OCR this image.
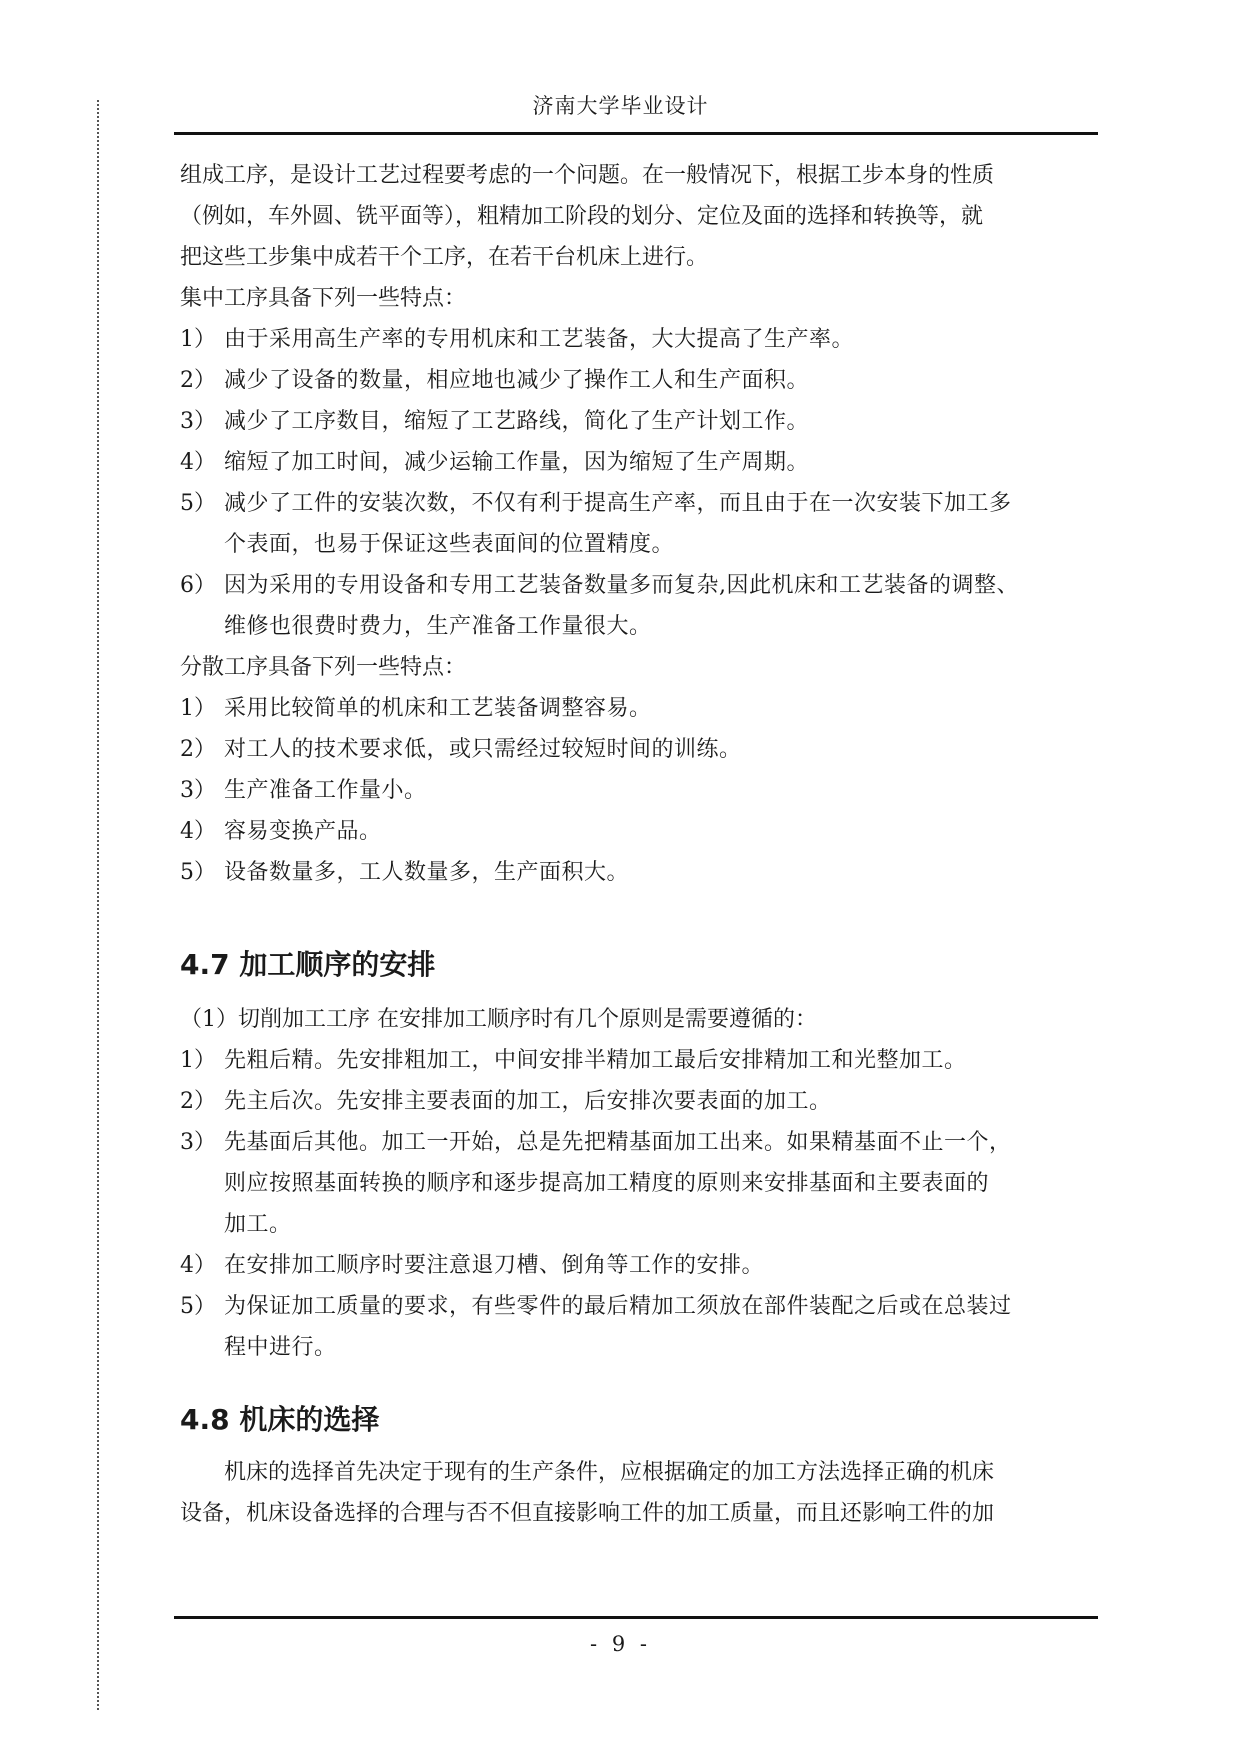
济南大学毕业设计
组成工序，是设计工艺过程要考虑的一个问题。在一般情况下，根据工步本身的性质
（例如，车外圆、铣平面等），粗精加工阶段的划分、定位及面的选择和转换等，就
把这些工步集中成若干个工序，在若干台机床上进行。
集中工序具备下列一些特点：
1） 由于采用高生产率的专用机床和工艺装备，大大提高了生产率。
2） 减少了设备的数量，相应地也减少了操作工人和生产面积。
3） 减少了工序数目，缩短了工艺路线，简化了生产计划工作。
4） 缩短了加工时间，减少运输工作量，因为缩短了生产周期。
5） 减少了工件的安装次数，不仅有利于提高生产率，而且由于在一次安装下加工多
个表面，也易于保证这些表面间的位置精度。
6） 因为采用的专用设备和专用工艺装备数量多而复杂,因此机床和工艺装备的调整、
维修也很费时费力，生产准备工作量很大。
分散工序具备下列一些特点：
1） 采用比较简单的机床和工艺装备调整容易。
2） 对工人的技术要求低，或只需经过较短时间的训练。
3） 生产准备工作量小。
4） 容易变换产品。
5） 设备数量多，工人数量多，生产面积大。
4.7 加工顺序的安排
（1）切削加工工序 在安排加工顺序时有几个原则是需要遵循的：
1） 先粗后精。先安排粗加工，中间安排半精加工最后安排精加工和光整加工。
2） 先主后次。先安排主要表面的加工，后安排次要表面的加工。
3） 先基面后其他。加工一开始，总是先把精基面加工出来。如果精基面不止一个，
则应按照基面转换的顺序和逐步提高加工精度的原则来安排基面和主要表面的
加工。
4） 在安排加工顺序时要注意退刀槽、倒角等工作的安排。
5） 为保证加工质量的要求，有些零件的最后精加工须放在部件装配之后或在总装过
程中进行。
4.8 机床的选择
机床的选择首先决定于现有的生产条件，应根据确定的加工方法选择正确的机床
设备，机床设备选择的合理与否不但直接影响工件的加工质量，而且还影响工件的加
- 9 -
